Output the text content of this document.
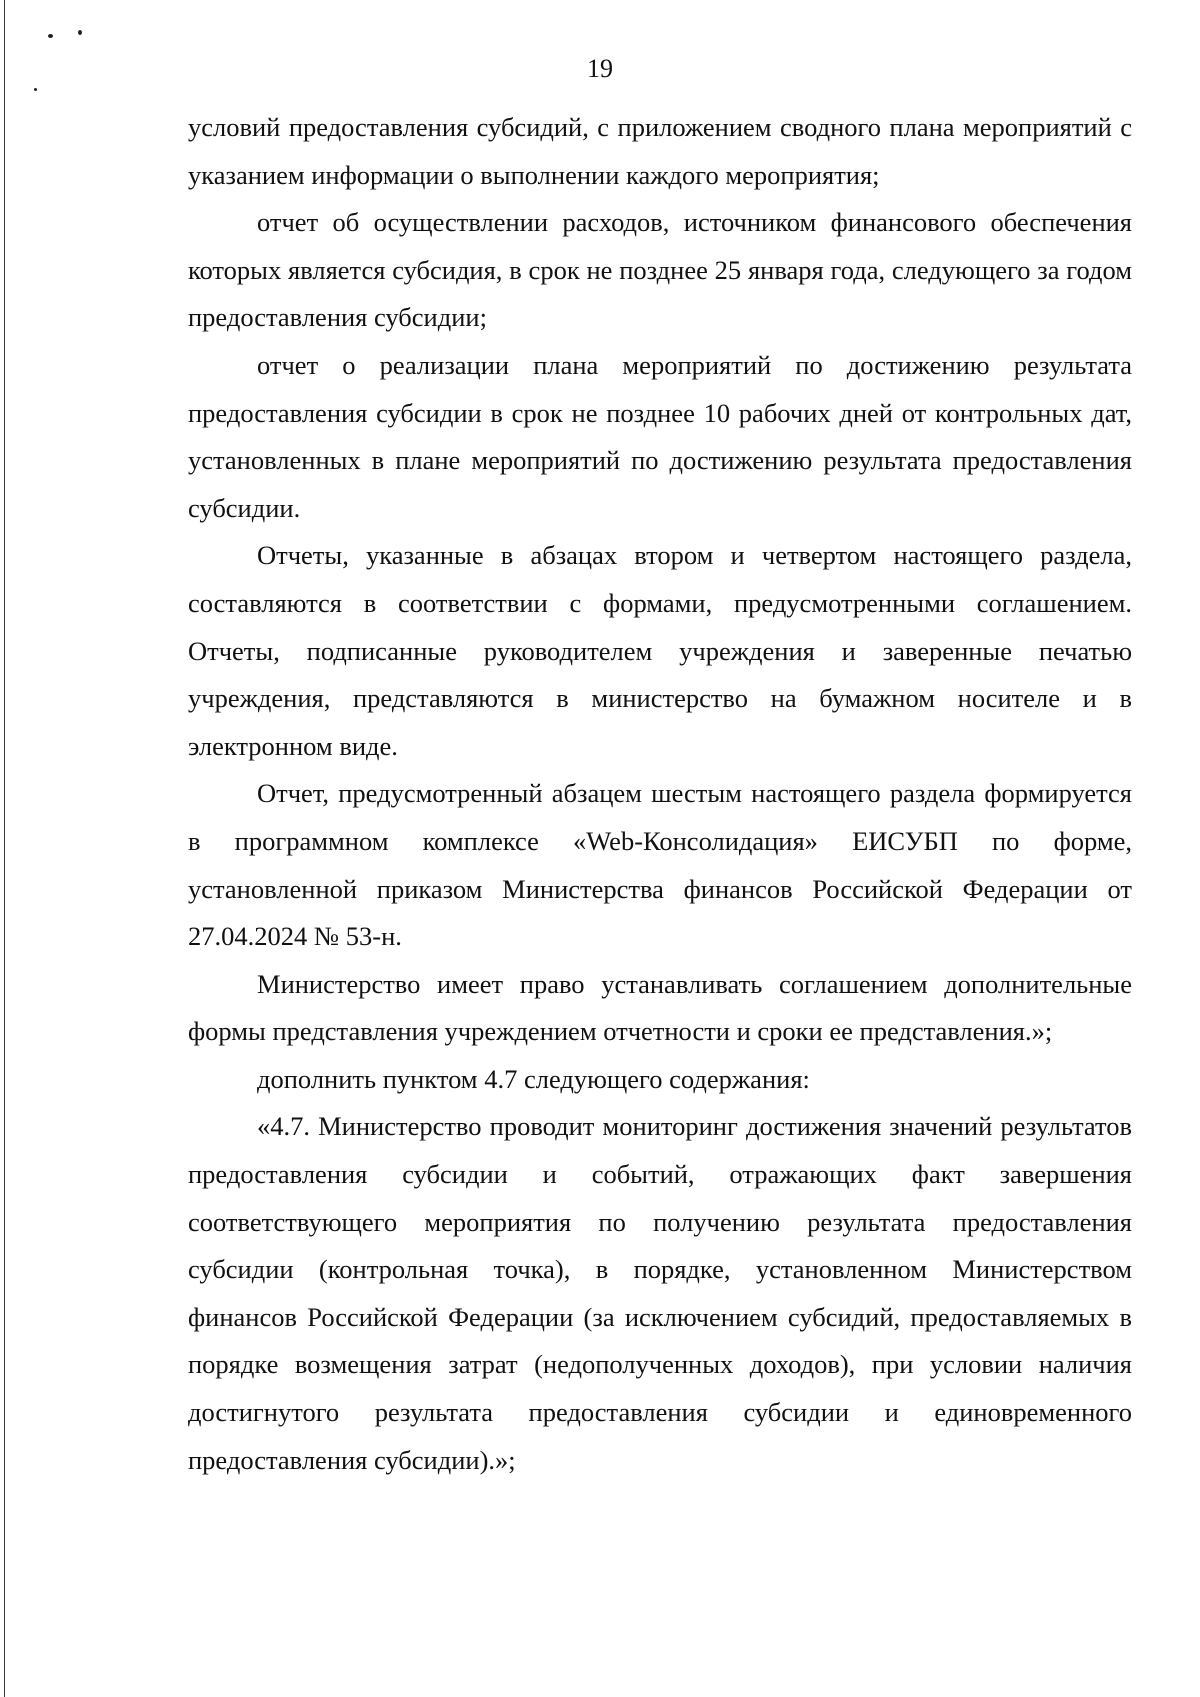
19

условий предоставления субсидий, с приложением сводного плана мероприятий с указанием информации о выполнении каждого мероприятия;

отчет об осуществлении расходов, источником финансового обеспечения которых является субсидия, в срок не позднее 25 января года, следующего за годом предоставления субсидии;

отчет о реализации плана мероприятий по достижению результата предоставления субсидии в срок не позднее 10 рабочих дней от контрольных дат, установленных в плане мероприятий по достижению результата предоставления субсидии.

Отчеты, указанные в абзацах втором и четвертом настоящего раздела, составляются в соответствии с формами, предусмотренными соглашением. Отчеты, подписанные руководителем учреждения и заверенные печатью учреждения, представляются в министерство на бумажном носителе и в электронном виде.

Отчет, предусмотренный абзацем шестым настоящего раздела формируется в программном комплексе «Web-Консолидация» ЕИСУБП по форме, установленной приказом Министерства финансов Российской Федерации от 27.04.2024 № 53-н.

Министерство имеет право устанавливать соглашением дополнительные формы представления учреждением отчетности и сроки ее представления.»;

дополнить пунктом 4.7 следующего содержания:

«4.7. Министерство проводит мониторинг достижения значений результатов предоставления субсидии и событий, отражающих факт завершения соответствующего мероприятия по получению результата предоставления субсидии (контрольная точка), в порядке, установленном Министерством финансов Российской Федерации (за исключением субсидий, предоставляемых в порядке возмещения затрат (недополученных доходов), при условии наличия достигнутого результата предоставления субсидии и единовременного предоставления субсидии).»;
